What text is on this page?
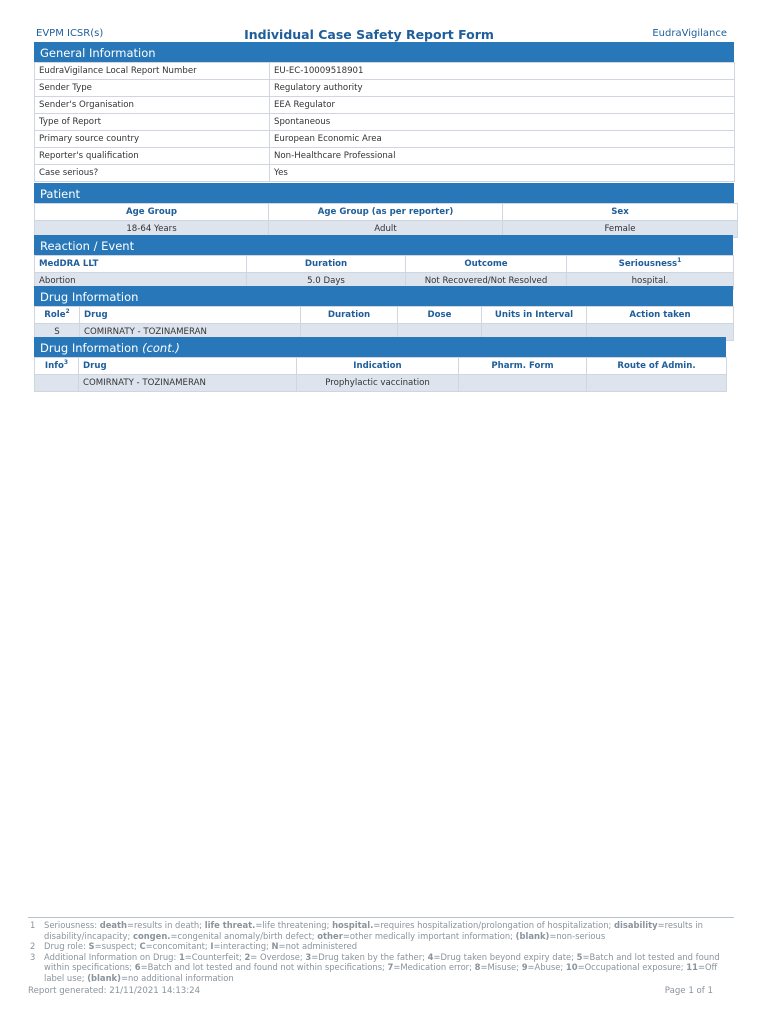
EVPM ICSR(s)	Individual Case Safety Report Form	EudraVigilance
General Information
EudraVigilance Local Report Number	EU-EC-10009518901
Sender Type	Regulatory authority
Sender's Organisation	EEA Regulator
Type of Report	Spontaneous
Primary source country	European Economic Area
Reporter's qualification	Non-Healthcare Professional
Case serious?	Yes
Patient
Age Group	Age Group (as per reporter)	Sex
18-64 Years	Adult	Female
Reaction / Event
MedDRA LLT	Duration	Outcome	Seriousness$^1$
Abortion	5.0 Days	Not Recovered/Not Resolved	hospital.
Drug Information
Role$^2$	Drug	Duration	Dose	Units in Interval	Action taken
S	COMIRNATY - TOZINAMERAN				
Drug Information (cont.)
Info$^3$	Drug	Indication	Pharm. Form	Route of Admin.
	COMIRNATY - TOZINAMERAN	Prophylactic vaccination		
1	Seriousness: death=results in death; life threat.=life threatening; hospital.=requires hospitalization/prolongation of hospitalization; disability=results in disability/incapacity; congen.=congenital anomaly/birth defect; other=other medically important information; (blank)=non-serious
2	Drug role: S=suspect; C=concomitant; I=interacting; N=not administered
3	Additional Information on Drug: 1=Counterfeit; 2= Overdose; 3=Drug taken by the father; 4=Drug taken beyond expiry date; 5=Batch and lot tested and found within specifications; 6=Batch and lot tested and found not within specifications; 7=Medication error; 8=Misuse; 9=Abuse; 10=Occupational exposure; 11=Off label use; (blank)=no additional information
Report generated: 21/11/2021 14:13:24	Page 1 of 1
